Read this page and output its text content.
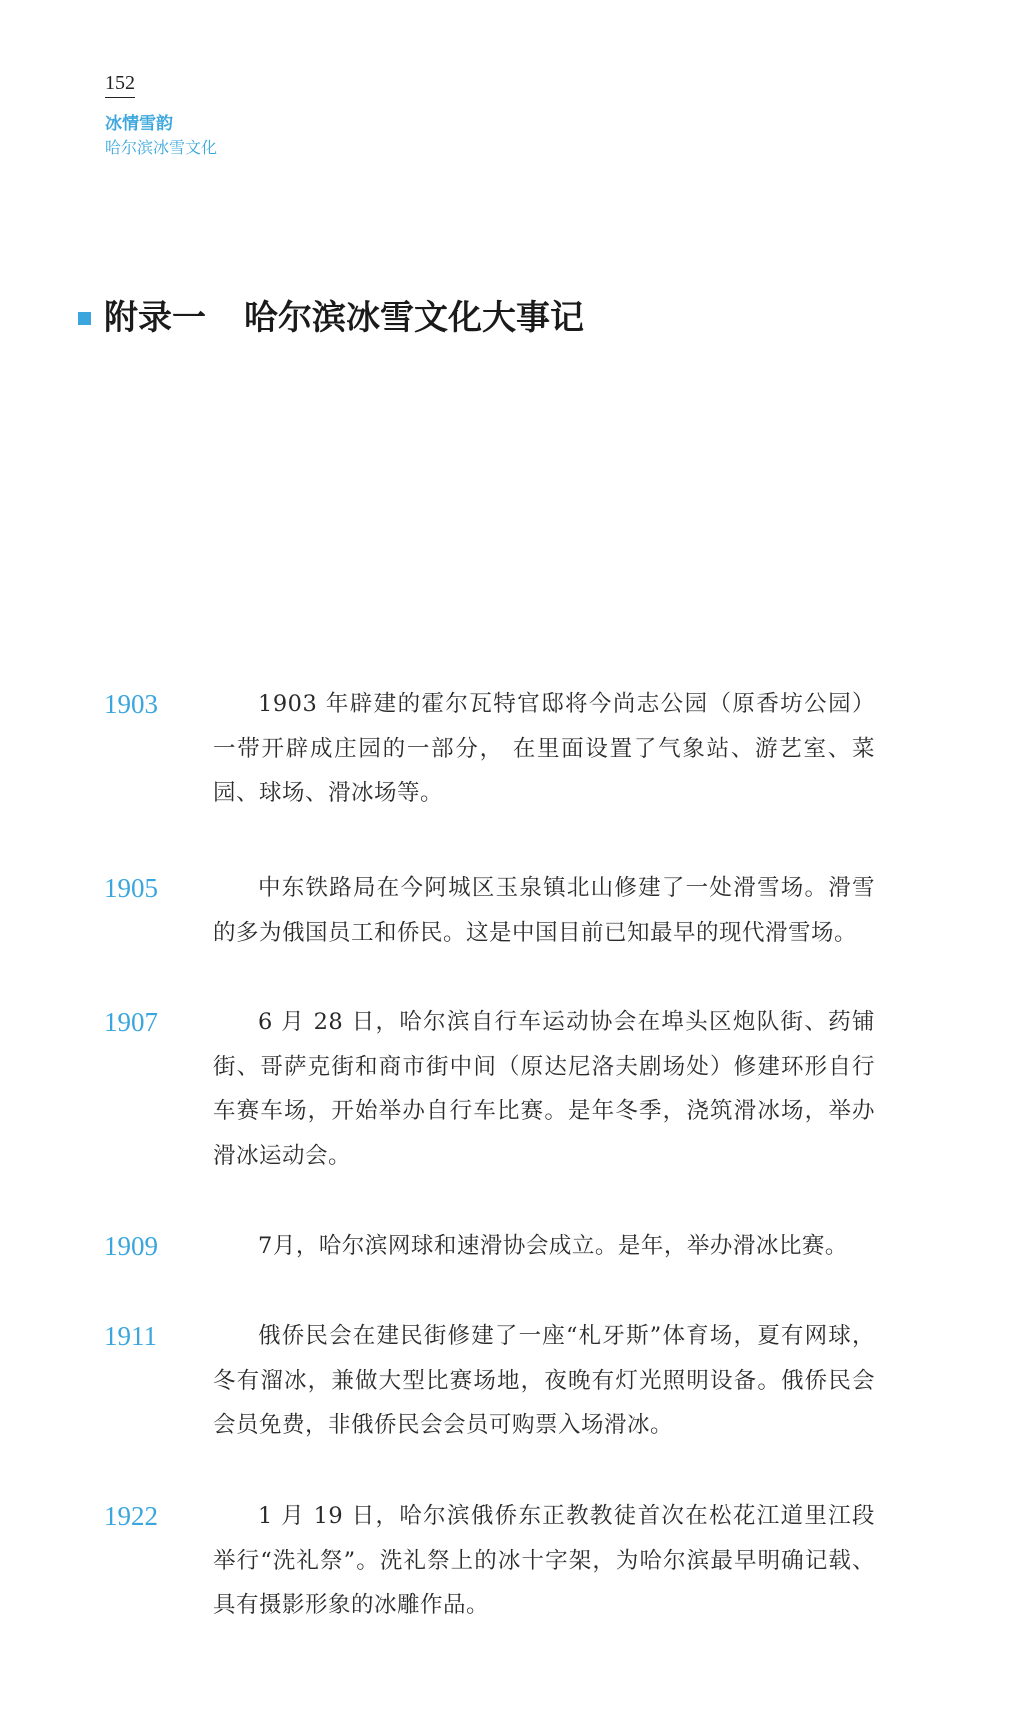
152
冰情雪韵
哈尔滨冰雪文化
附录一 哈尔滨冰雪文化大事记
1903	1903 年辟建的霍尔瓦特官邸将今尚志公园（原香坊公园）一带开辟成庄园的一部分， 在里面设置了气象站、游艺室、菜园、球场、滑冰场等。
1905	中东铁路局在今阿城区玉泉镇北山修建了一处滑雪场。滑雪的多为俄国员工和侨民。这是中国目前已知最早的现代滑雪场。
1907	6 月 28 日，哈尔滨自行车运动协会在埠头区炮队街、药铺街、哥萨克街和商市街中间（原达尼洛夫剧场处）修建环形自行车赛车场，开始举办自行车比赛。是年冬季，浇筑滑冰场，举办滑冰运动会。
1909	7月，哈尔滨网球和速滑协会成立。是年，举办滑冰比赛。
1911	俄侨民会在建民街修建了一座“札牙斯”体育场，夏有网球，冬有溜冰，兼做大型比赛场地，夜晚有灯光照明设备。俄侨民会会员免费，非俄侨民会会员可购票入场滑冰。
1922	1 月 19 日，哈尔滨俄侨东正教教徒首次在松花江道里江段举行“洗礼祭”。洗礼祭上的冰十字架，为哈尔滨最早明确记载、具有摄影形象的冰雕作品。
